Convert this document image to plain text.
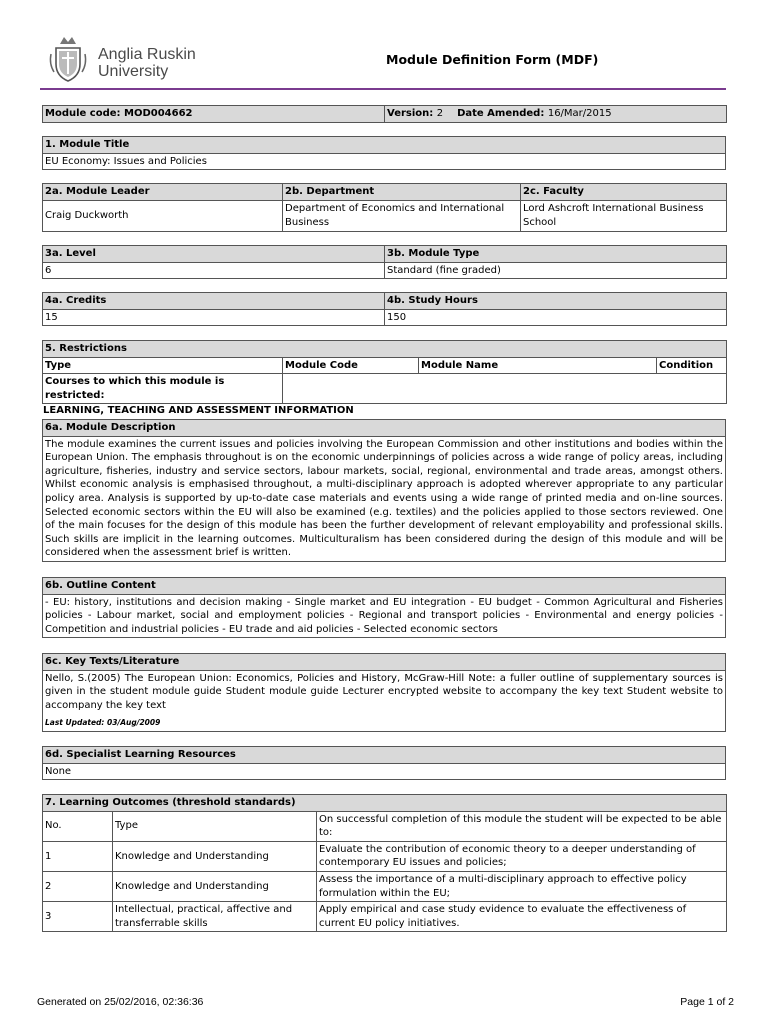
Anglia Ruskin
University
Module Definition Form (MDF)
Module code: MOD004662	Version: 2 Date Amended: 16/Mar/2015
1. Module Title
EU Economy: Issues and Policies
2a. Module Leader	2b. Department	2c. Faculty
Craig Duckworth	Department of Economics and International Business	Lord Ashcroft International Business School
3a. Level	3b. Module Type
6	Standard (fine graded)
4a. Credits	4b. Study Hours
15	150
5. Restrictions			
Type	Module Code	Module Name	Condition
Courses to which this module is restricted:			
LEARNING, TEACHING AND ASSESSMENT INFORMATION
6a. Module Description
The module examines the current issues and policies involving the European Commission and other institutions and bodies within the European Union. The emphasis throughout is on the economic underpinnings of policies across a wide range of policy areas, including agriculture, fisheries, industry and service sectors, labour markets, social, regional, environmental and trade areas, amongst others. Whilst economic analysis is emphasised throughout, a multi-disciplinary approach is adopted wherever appropriate to any particular policy area. Analysis is supported by up-to-date case materials and events using a wide range of printed media and on-line sources. Selected economic sectors within the EU will also be examined (e.g. textiles) and the policies applied to those sectors reviewed. One of the main focuses for the design of this module has been the further development of relevant employability and professional skills. Such skills are implicit in the learning outcomes. Multiculturalism has been considered during the design of this module and will be considered when the assessment brief is written.
6b. Outline Content
- EU: history, institutions and decision making - Single market and EU integration - EU budget - Common Agricultural and Fisheries policies - Labour market, social and employment policies - Regional and transport policies - Environmental and energy policies - Competition and industrial policies - EU trade and aid policies - Selected economic sectors
6c. Key Texts/Literature

Nello, S.(2005) The European Union: Economics, Policies and History, McGraw-Hill Note: a fuller outline of supplementary sources is given in the student module guide Student module guide Lecturer encrypted website to accompany the key text Student website to accompany the key text
Last Updated: 03/Aug/2009
6d. Specialist Learning Resources
None
7. Learning Outcomes (threshold standards)		
No.	Type	On successful completion of this module the student will be expected to be able to:
1	Knowledge and Understanding	Evaluate the contribution of economic theory to a deeper understanding of contemporary EU issues and policies;
2	Knowledge and Understanding	Assess the importance of a multi-disciplinary approach to effective policy formulation within the EU;
3	Intellectual, practical, affective and transferrable skills	Apply empirical and case study evidence to evaluate the effectiveness of current EU policy initiatives.
Generated on 25/02/2016, 02:36:36	Page 1 of 2
